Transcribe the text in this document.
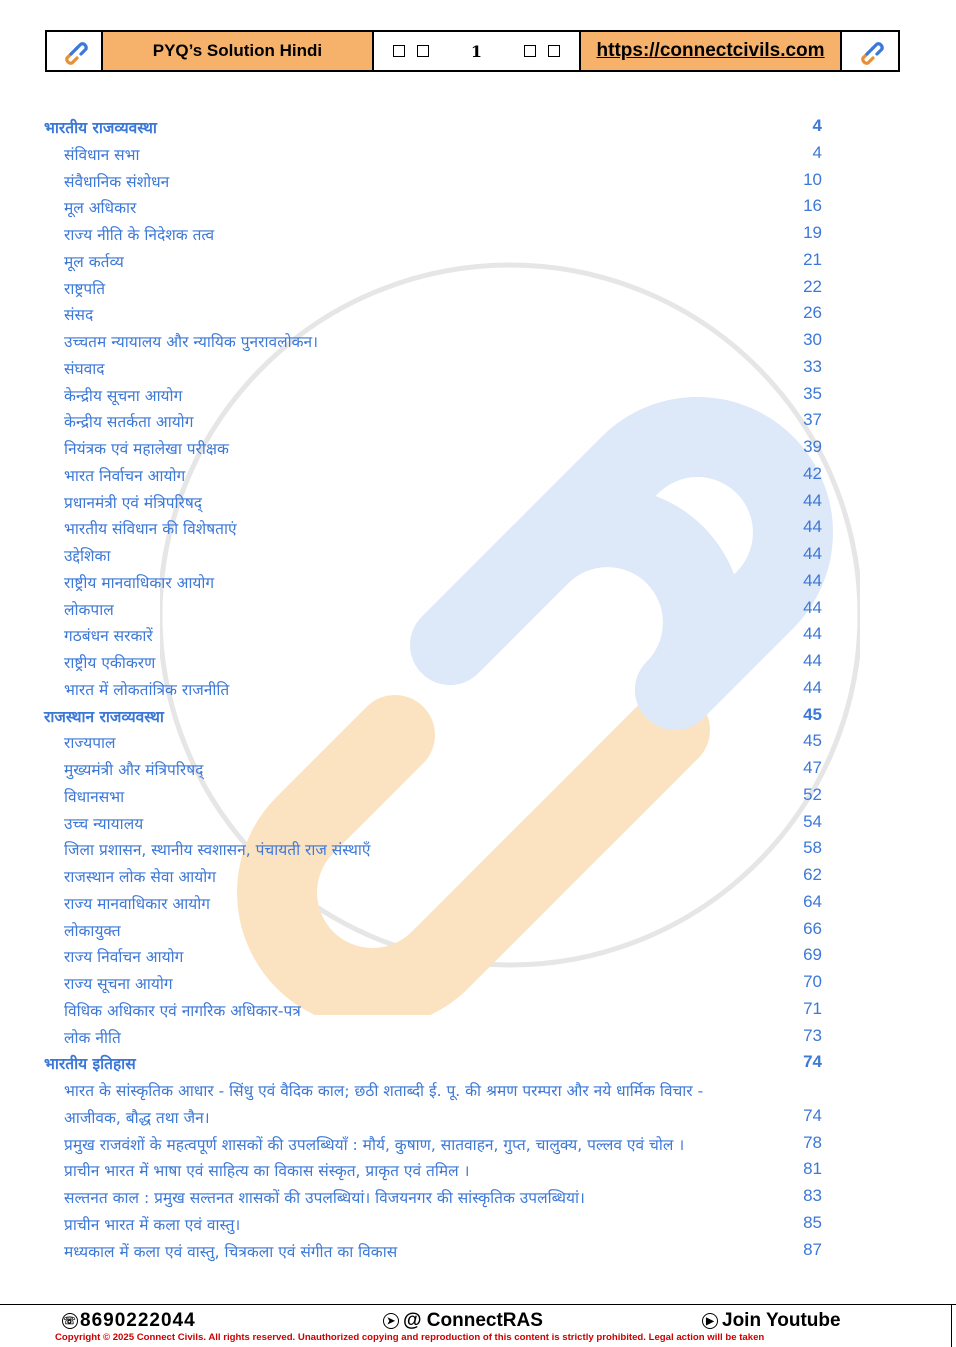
PYQ’s Solution Hindi	1	https://connectcivils.com
भारतीय राजव्यवस्था	4
संविधान सभा	4
संवैधानिक संशोधन	10
मूल अधिकार	16
राज्य नीति के निदेशक तत्व	19
मूल कर्तव्य	21
राष्ट्रपति	22
संसद	26
उच्चतम न्यायालय और न्यायिक पुनरावलोकन।	30
संघवाद	33
केन्द्रीय सूचना आयोग	35
केन्द्रीय सतर्कता आयोग	37
नियंत्रक एवं महालेखा परीक्षक	39
भारत निर्वाचन आयोग	42
प्रधानमंत्री एवं मंत्रिपरिषद्	44
भारतीय संविधान की विशेषताएं	44
उद्देशिका	44
राष्ट्रीय मानवाधिकार आयोग	44
लोकपाल	44
गठबंधन सरकारें	44
राष्ट्रीय एकीकरण	44
भारत में लोकतांत्रिक राजनीति	44
राजस्थान राजव्यवस्था	45
राज्यपाल	45
मुख्यमंत्री और मंत्रिपरिषद्	47
विधानसभा	52
उच्च न्यायालय	54
जिला प्रशासन, स्थानीय स्वशासन, पंचायती राज संस्थाएँ	58
राजस्थान लोक सेवा आयोग	62
राज्य मानवाधिकार आयोग	64
लोकायुक्त	66
राज्य निर्वाचन आयोग	69
राज्य सूचना आयोग	70
विधिक अधिकार एवं नागरिक अधिकार-पत्र	71
लोक नीति	73
भारतीय इतिहास	74
भारत के सांस्कृतिक आधार - सिंधु एवं वैदिक काल; छठी शताब्दी ई. पू. की श्रमण परम्परा और नये धार्मिक विचार -
आजीवक, बौद्ध तथा जैन।	74
प्रमुख राजवंशों के महत्वपूर्ण शासकों की उपलब्धियाँ : मौर्य, कुषाण, सातवाहन, गुप्त, चालुक्य, पल्लव एवं चोल ।	78
प्राचीन भारत में भाषा एवं साहित्य का विकास संस्कृत, प्राकृत एवं तमिल ।	81
सल्तनत काल : प्रमुख सल्तनत शासकों की उपलब्धियां। विजयनगर की सांस्कृतिक उपलब्धियां।	83
प्राचीन भारत में कला एवं वास्तु।	85
मध्यकाल में कला एवं वास्तु, चित्रकला एवं संगीत का विकास	87
☏ 8690222044	➤ @ ConnectRAS	▶ Join Youtube
Copyright © 2025 Connect Civils. All rights reserved. Unauthorized copying and reproduction of this content is strictly prohibited. Legal action will be taken
